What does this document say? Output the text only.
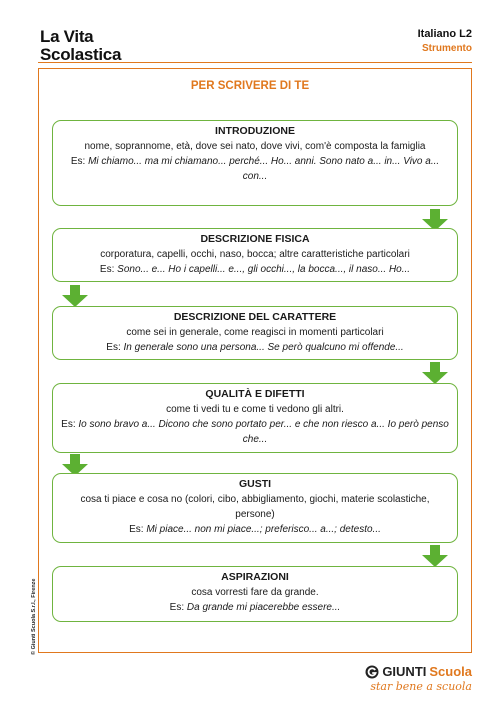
La Vita
Scolastica
Italiano L2
Strumento
PER SCRIVERE DI TE
INTRODUZIONE
nome, soprannome, età, dove sei nato, dove vivi, com'è composta la famiglia
Es: Mi chiamo... ma mi chiamano... perché... Ho... anni. Sono nato a... in... Vivo a... con...
DESCRIZIONE FISICA
corporatura, capelli, occhi, naso, bocca; altre caratteristiche particolari
Es: Sono... e... Ho i capelli... e..., gli occhi..., la bocca..., il naso... Ho...
DESCRIZIONE DEL CARATTERE
come sei in generale, come reagisci in momenti particolari
Es: In generale sono una persona... Se però qualcuno mi offende...
QUALITÀ E DIFETTI
come ti vedi tu e come ti vedono gli altri.
Es: Io sono bravo a... Dicono che sono portato per... e che non riesco a... Io però penso che...
GUSTI
cosa ti piace e cosa no (colori, cibo, abbigliamento, giochi, materie scolastiche, persone)
Es: Mi piace... non mi piace...; preferisco... a...; detesto...
ASPIRAZIONI
cosa vorresti fare da grande.
Es: Da grande mi piacerebbe essere...
© Giunti Scuola S.r.l., Firenze
GIUNTI Scuola
star bene a scuola
